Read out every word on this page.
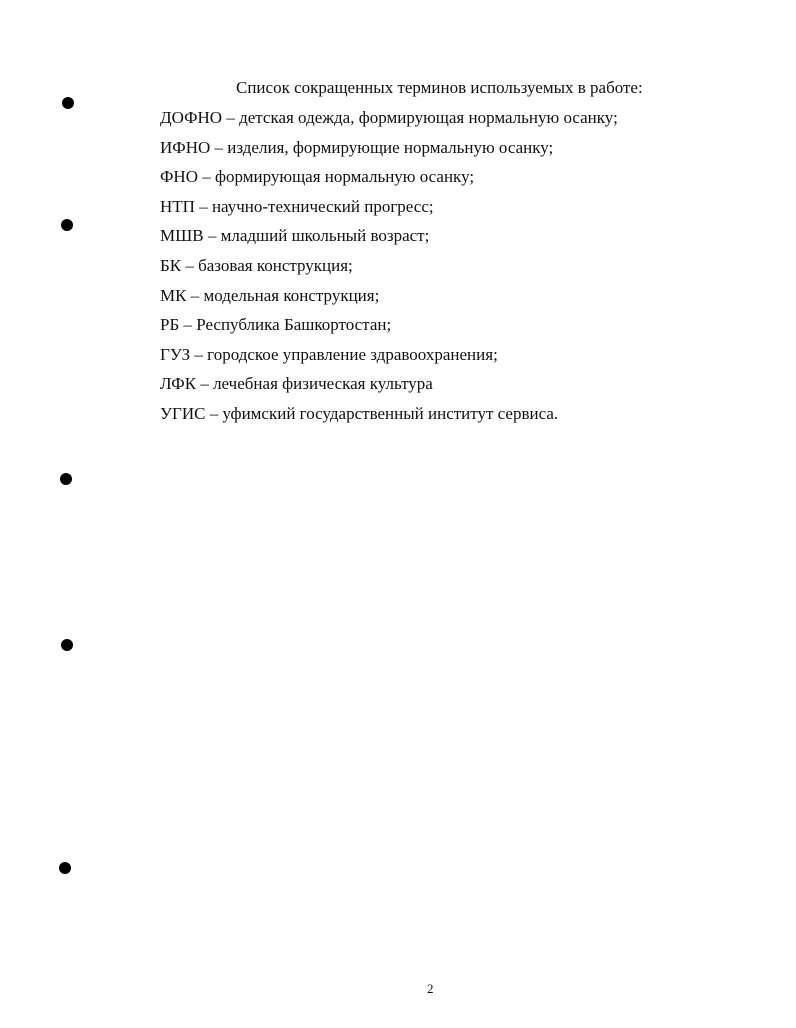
Список сокращенных терминов используемых в работе:
ДОФНО – детская одежда, формирующая нормальную осанку;
ИФНО – изделия, формирующие нормальную осанку;
ФНО – формирующая нормальную осанку;
НТП – научно-технический прогресс;
МШВ – младший школьный возраст;
БК – базовая конструкция;
МК – модельная конструкция;
РБ – Республика Башкортостан;
ГУЗ – городское управление здравоохранения;
ЛФК – лечебная физическая культура
УГИС – уфимский государственный институт сервиса.
2
